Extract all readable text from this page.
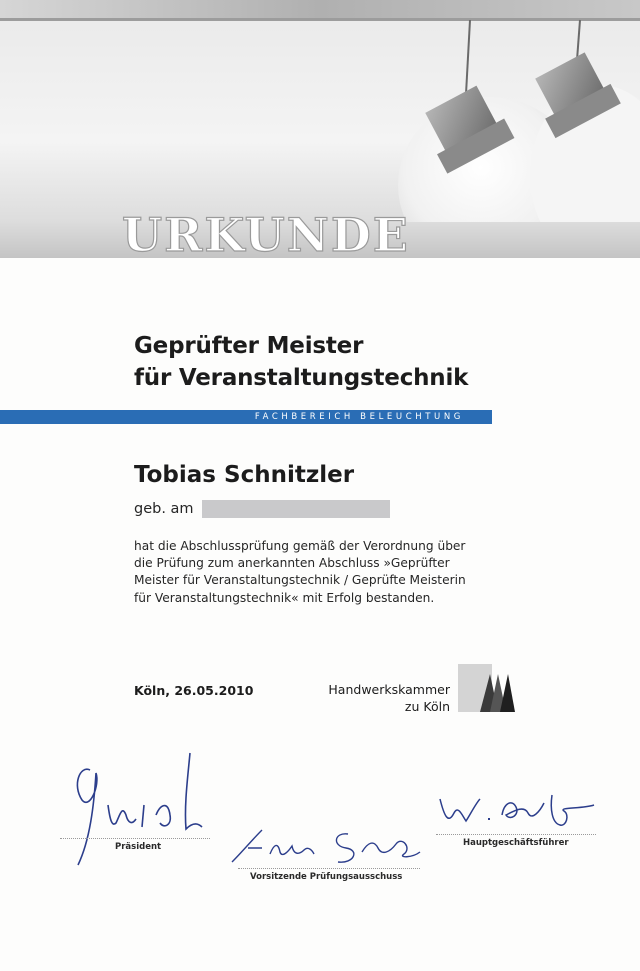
URKUNDE
Geprüfter Meister
für Veranstaltungstechnik
FACHBEREICH BELEUCHTUNG
Tobias Schnitzler
geb. am
hat die Abschlussprüfung gemäß der Verordnung über
die Prüfung zum anerkannten Abschluss »Geprüfter
Meister für Veranstaltungstechnik / Geprüfte Meisterin
für Veranstaltungstechnik« mit Erfolg bestanden.
Köln, 26.05.2010	Handwerkskammer
zu Köln
Präsident
Vorsitzende Prüfungsausschuss
Hauptgeschäftsführer
